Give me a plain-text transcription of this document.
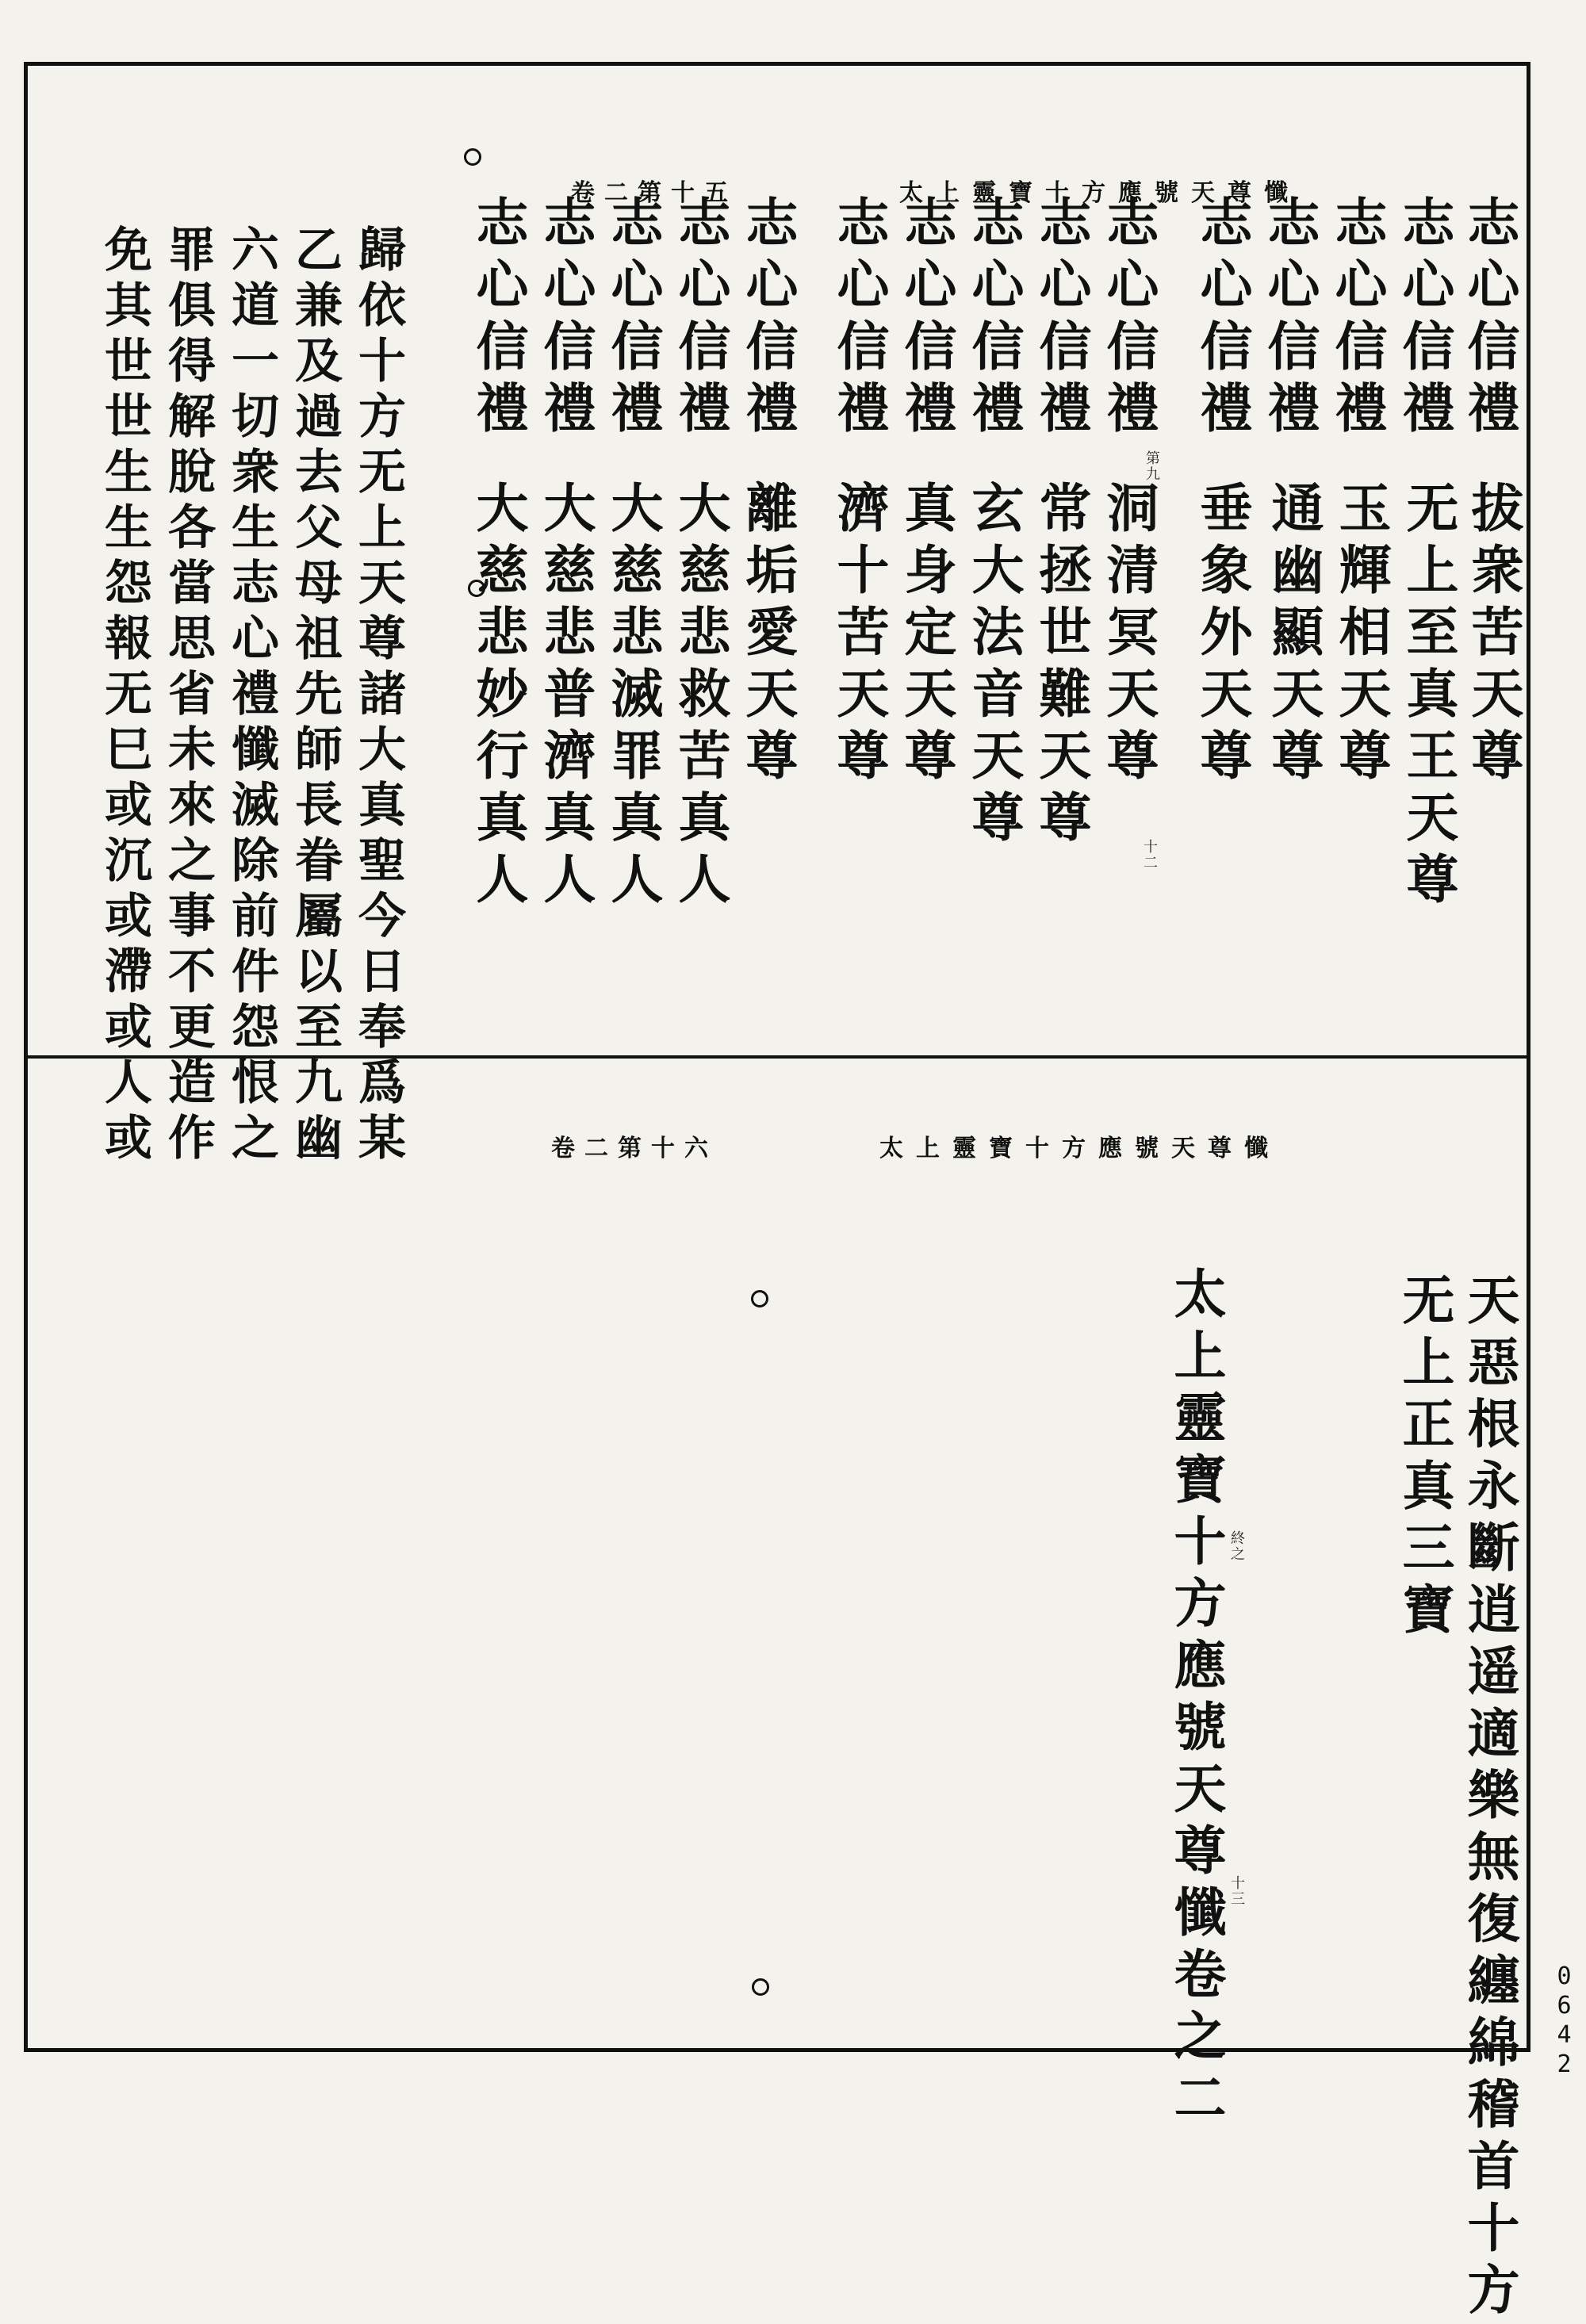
卷二第十五	太上靈寶十方應號天尊懺
志心信禮
志心信禮
志心信禮
志心信禮
志心信禮
志心信禮
志心信禮
志心信禮
志心信禮
志心信禮
志心信禮
志心信禮
志心信禮
志心信禮
志心信禮
拔衆苦天尊
无上至真王天尊
玉輝相天尊
通幽顯天尊
垂象外天尊
洞清冥天尊
常拯世難天尊
玄大法音天尊
真身定天尊
濟十苦天尊
離垢愛天尊
大慈悲救苦真人
大慈悲滅罪真人
大慈悲普濟真人
大慈悲妙行真人
第九
十二
歸依十方无上天尊諸大真聖今日奉爲某
乙兼及過去父母祖先師長眷屬以至九幽
六道一切衆生志心禮懺滅除前件怨恨之
罪俱得解脫各當思省未來之事不更造作
免其世世生生怨報无巳或沉或滯或人或	卷二第十六	太上靈寶十方應號天尊懺
天惡根永斷逍遥適樂無復纏綿稽首十方
无上正真三寶
太上靈寶十方應號天尊懺卷之二 終之
十三
0642
